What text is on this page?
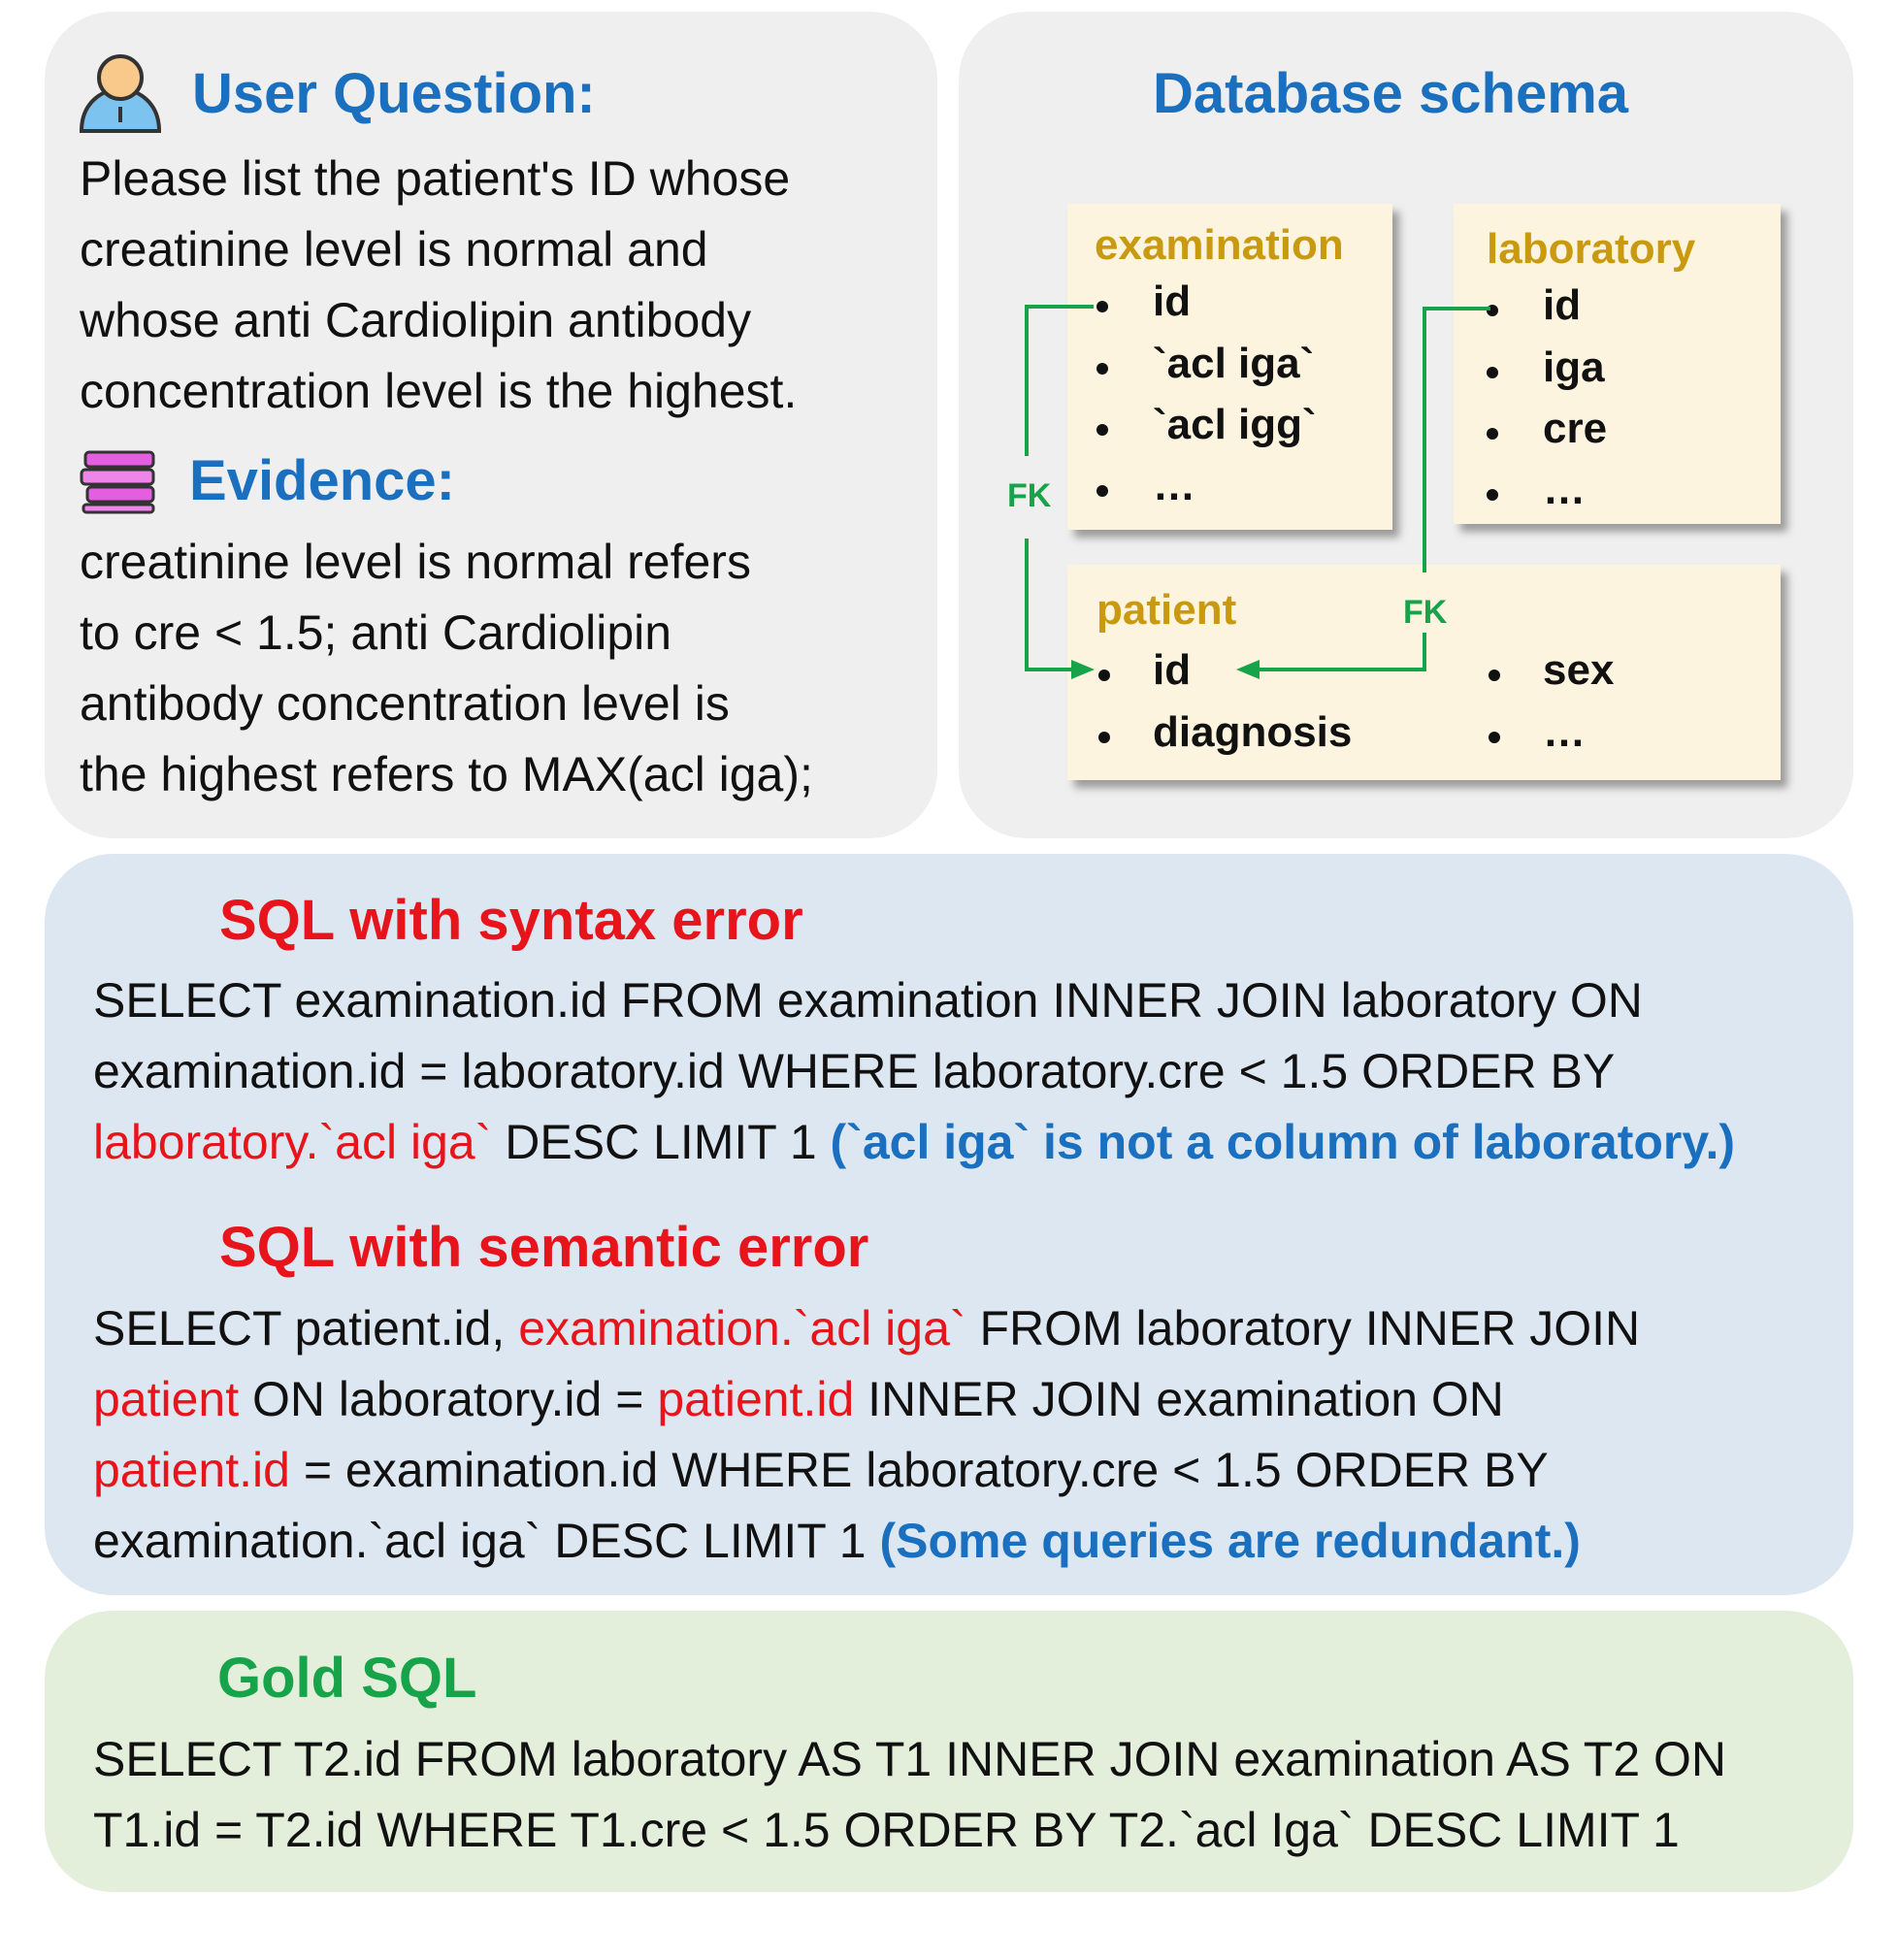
User Question:
Please list the patient's ID whose
creatinine level is normal and
whose anti Cardiolipin antibody
concentration level is the highest.
Evidence:
creatinine level is normal refers
to cre < 1.5; anti Cardiolipin
antibody concentration level is
the highest refers to MAX(acl iga);
Database schema
examination
id
`acl iga`
`acl igg`
…
laboratory
id
iga
cre
…
patient
id
diagnosis
sex
…
FK
FK
SQL with syntax error
SELECT examination.id FROM examination INNER JOIN laboratory ON
examination.id = laboratory.id WHERE laboratory.cre < 1.5 ORDER BY
laboratory.`acl iga` DESC LIMIT 1 (`acl iga` is not a column of laboratory.)
SQL with semantic error
SELECT patient.id, examination.`acl iga` FROM laboratory INNER JOIN
patient ON laboratory.id = patient.id INNER JOIN examination ON
patient.id = examination.id WHERE laboratory.cre < 1.5 ORDER BY
examination.`acl iga` DESC LIMIT 1 (Some queries are redundant.)
Gold SQL
SELECT T2.id FROM laboratory AS T1 INNER JOIN examination AS T2 ON
T1.id = T2.id WHERE T1.cre < 1.5 ORDER BY T2.`acl Iga` DESC LIMIT 1
